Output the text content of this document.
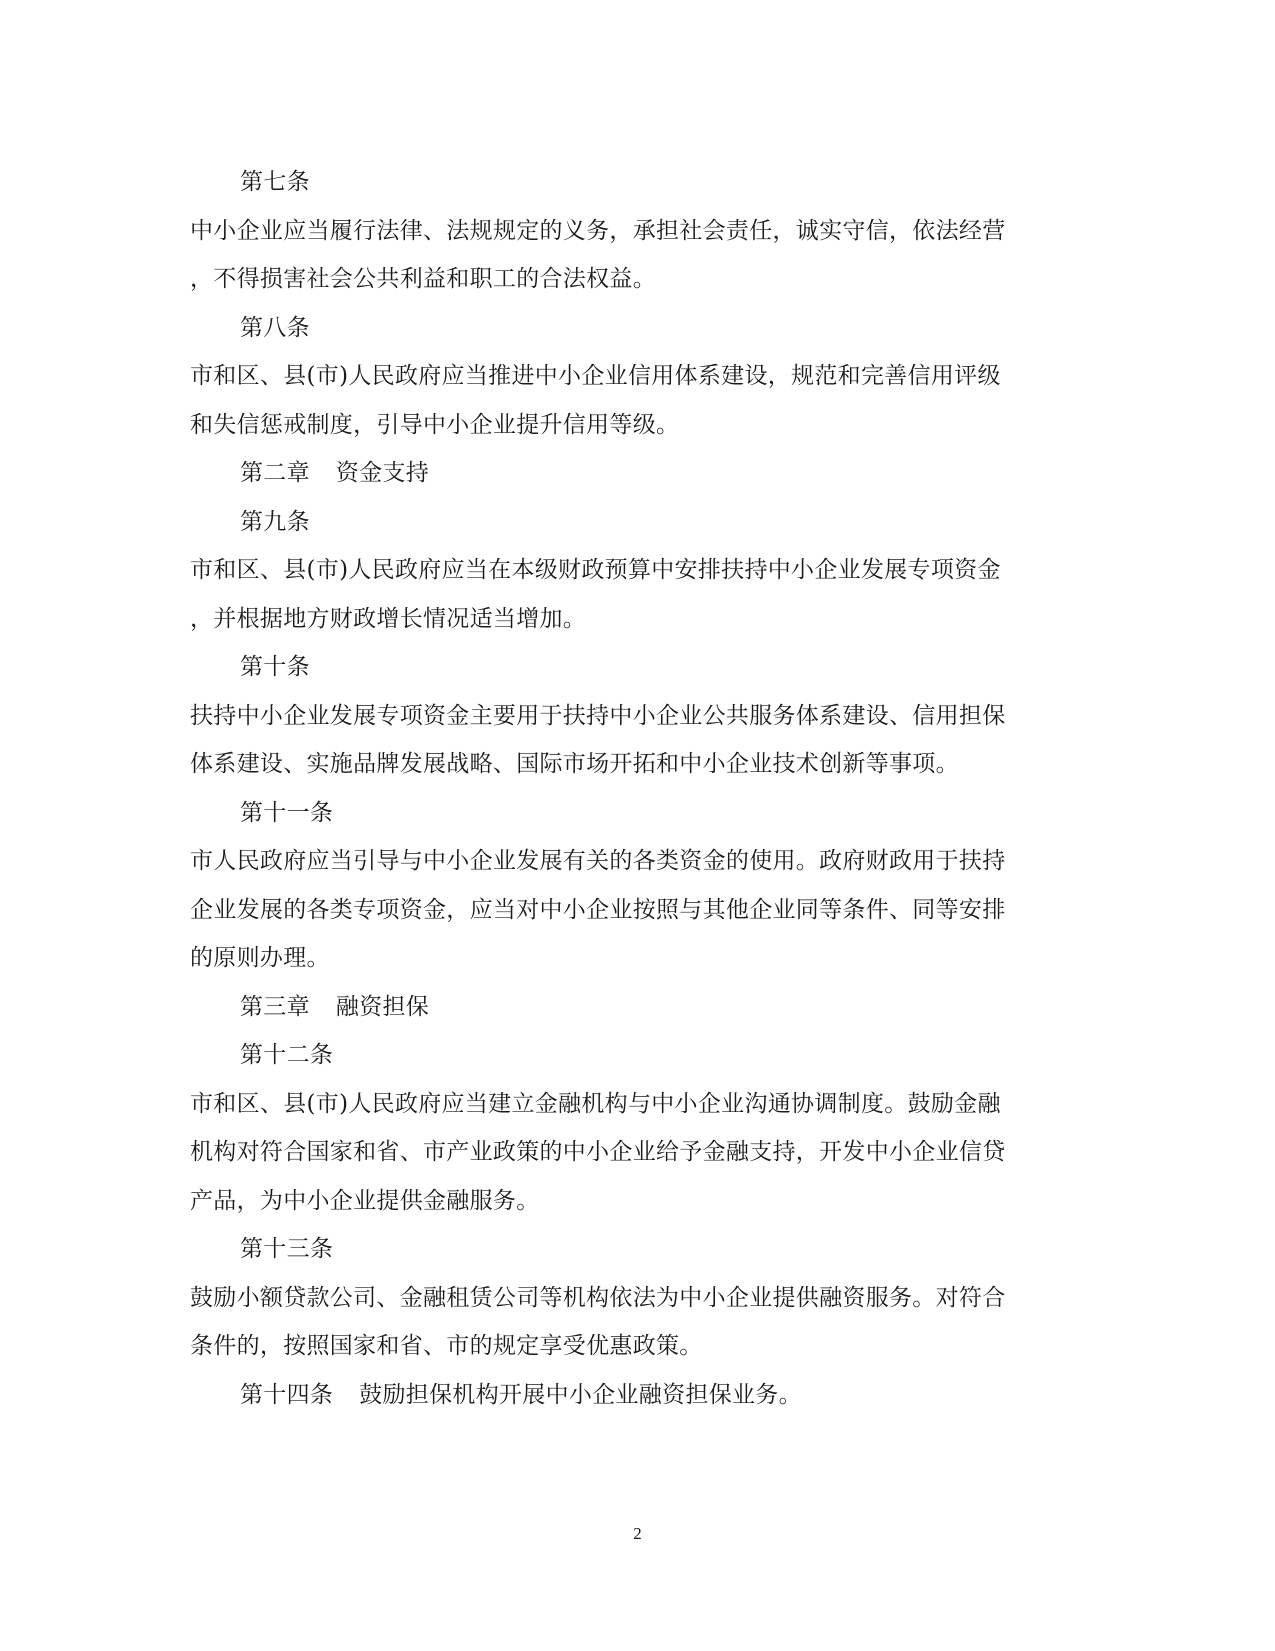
第七条
中小企业应当履行法律、法规规定的义务，承担社会责任，诚实守信，依法经营
，不得损害社会公共利益和职工的合法权益。
第八条
市和区、县(市)人民政府应当推进中小企业信用体系建设，规范和完善信用评级
和失信惩戒制度，引导中小企业提升信用等级。
第二章 资金支持
第九条
市和区、县(市)人民政府应当在本级财政预算中安排扶持中小企业发展专项资金
，并根据地方财政增长情况适当增加。
第十条
扶持中小企业发展专项资金主要用于扶持中小企业公共服务体系建设、信用担保
体系建设、实施品牌发展战略、国际市场开拓和中小企业技术创新等事项。
第十一条
市人民政府应当引导与中小企业发展有关的各类资金的使用。政府财政用于扶持
企业发展的各类专项资金，应当对中小企业按照与其他企业同等条件、同等安排
的原则办理。
第三章 融资担保
第十二条
市和区、县(市)人民政府应当建立金融机构与中小企业沟通协调制度。鼓励金融
机构对符合国家和省、市产业政策的中小企业给予金融支持，开发中小企业信贷
产品，为中小企业提供金融服务。
第十三条
鼓励小额贷款公司、金融租赁公司等机构依法为中小企业提供融资服务。对符合
条件的，按照国家和省、市的规定享受优惠政策。
第十四条 鼓励担保机构开展中小企业融资担保业务。
2
